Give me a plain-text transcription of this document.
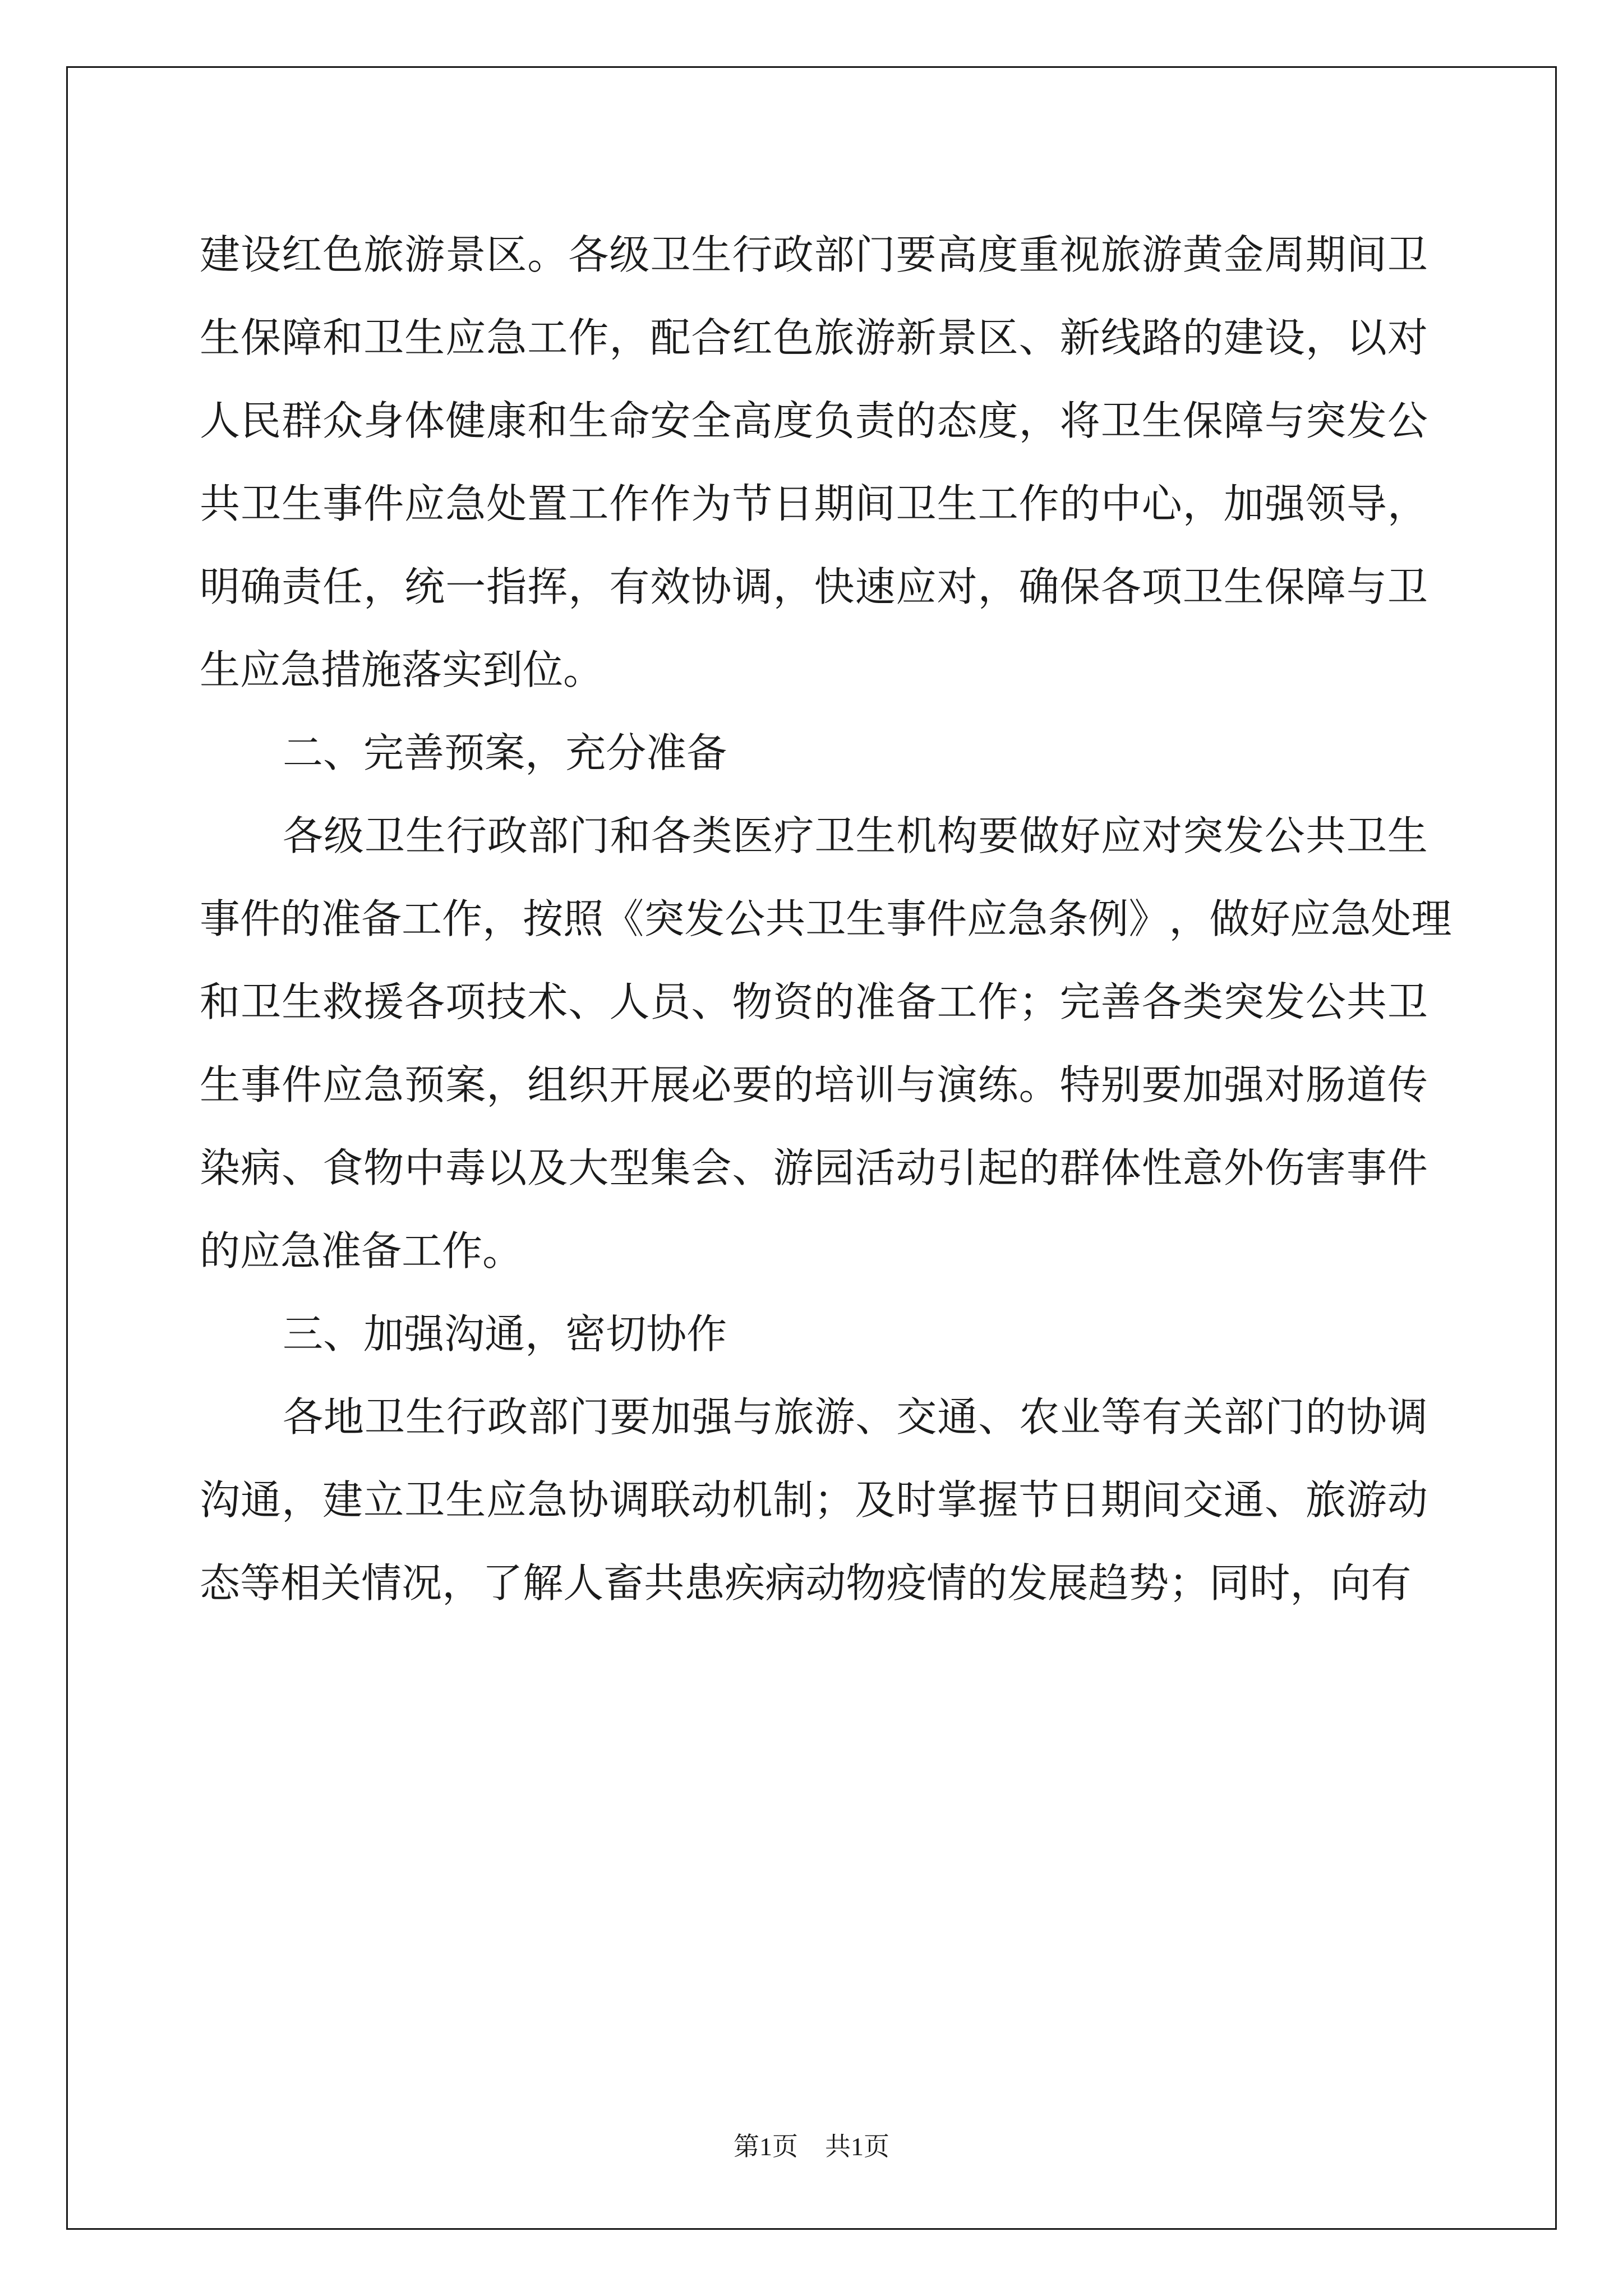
建 设 红 色 旅 游 景 区 。 各 级 卫 生 行 政 部 门 要 高 度 重 视 旅 游 黄 金 周 期 间 卫
生 保 障 和 卫 生 应 急 工 作 ， 配 合 红 色 旅 游 新 景 区 、 新 线 路 的 建 设 ， 以 对
人 民 群 众 身 体 健 康 和 生 命 安 全 高 度 负 责 的 态 度 ， 将 卫 生 保 障 与 突 发 公
共 卫 生 事 件 应 急 处 置 工 作 作 为 节 日 期 间 卫 生 工 作 的 中 心 ， 加 强 领 导 ，
明 确 责 任 ， 统 一 指 挥 ， 有 效 协 调 ， 快 速 应 对 ， 确 保 各 项 卫 生 保 障 与 卫
生 应 急 措 施 落 实 到 位 。
二 、 完 善 预 案 ， 充 分 准 备
各 级 卫 生 行 政 部 门 和 各 类 医 疗 卫 生 机 构 要 做 好 应 对 突 发 公 共 卫 生
事 件 的 准 备 工 作 ， 按 照 《 突 发 公 共 卫 生 事 件 应 急 条 例 》 ， 做 好 应 急 处 理
和 卫 生 救 援 各 项 技 术 、 人 员 、 物 资 的 准 备 工 作 ； 完 善 各 类 突 发 公 共 卫
生 事 件 应 急 预 案 ， 组 织 开 展 必 要 的 培 训 与 演 练 。 特 别 要 加 强 对 肠 道 传
染 病 、 食 物 中 毒 以 及 大 型 集 会 、 游 园 活 动 引 起 的 群 体 性 意 外 伤 害 事 件
的 应 急 准 备 工 作 。
三 、 加 强 沟 通 ， 密 切 协 作
各 地 卫 生 行 政 部 门 要 加 强 与 旅 游 、 交 通 、 农 业 等 有 关 部 门 的 协 调
沟 通 ， 建 立 卫 生 应 急 协 调 联 动 机 制 ； 及 时 掌 握 节 日 期 间 交 通 、 旅 游 动
态 等 相 关 情 况 ， 了 解 人 畜 共 患 疾 病 动 物 疫 情 的 发 展 趋 势 ； 同 时 ， 向 有
第1页 共1页
